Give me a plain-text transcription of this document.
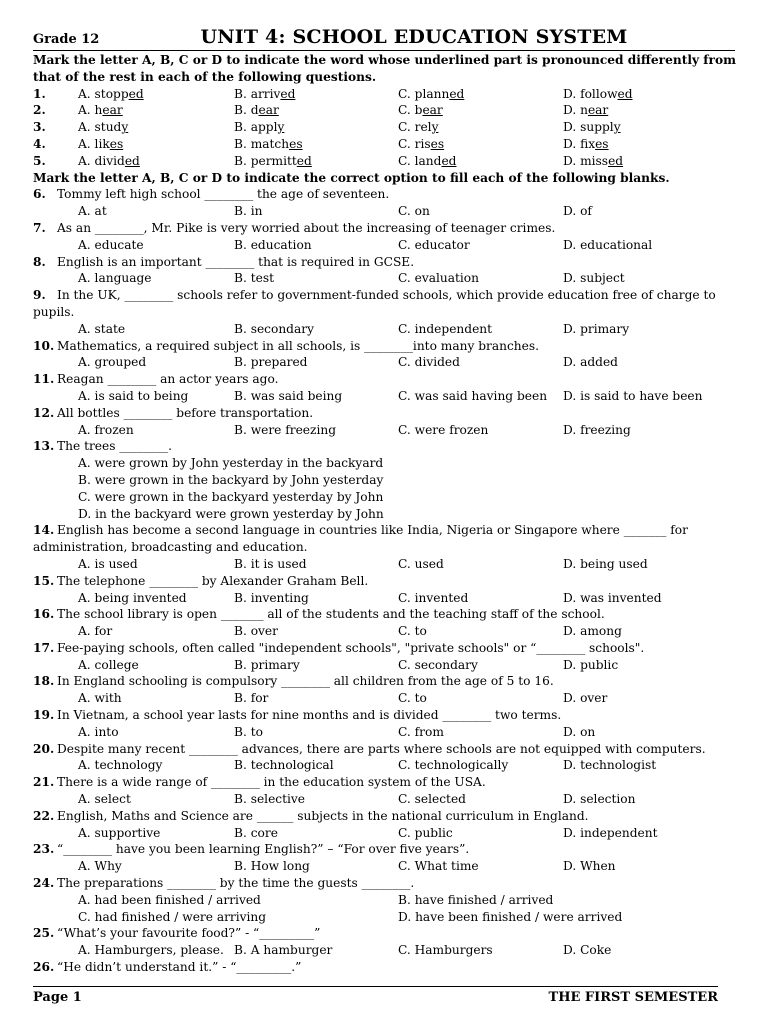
Grade 12	UNIT 4: SCHOOL EDUCATION SYSTEM
Mark the letter A, B, C or D to indicate the word whose underlined part is pronounced differently from that of the rest in each of the following questions.
1.	A. stopped	B. arrived	C. planned	D. followed
2.	A. hear	B. dear	C. bear	D. near
3.	A. study	B. apply	C. rely	D. supply
4.	A. likes	B. matches	C. rises	D. fixes
5.	A. divided	B. permitted	C. landed	D. missed
Mark the letter A, B, C or D to indicate the correct option to fill each of the following blanks.
6. Tommy left high school ________ the age of seventeen.
A. at	B. in	C. on	D. of
7. As an ________, Mr. Pike is very worried about the increasing of teenager crimes.
A. educate	B. education	C. educator	D. educational
8. English is an important ________ that is required in GCSE.
A. language	B. test	C. evaluation	D. subject
9. In the UK, ________ schools refer to government-funded schools, which provide education free of charge to pupils.
A. state	B. secondary	C. independent	D. primary
10. Mathematics, a required subject in all schools, is ________into many branches.
A. grouped	B. prepared	C. divided	D. added
11. Reagan ________ an actor years ago.
A. is said to being	B. was said being	C. was said having been D. is said to have been
12. All bottles ________ before transportation.
A. frozen	B. were freezing	C. were frozen	D. freezing
13. The trees ________.
A. were grown by John yesterday in the backyard
B. were grown in the backyard by John yesterday
C. were grown in the backyard yesterday by John
D. in the backyard were grown yesterday by John
14. English has become a second language in countries like India, Nigeria or Singapore where _______ for administration, broadcasting and education.
A. is used	B. it is used	C. used	D. being used
15. The telephone ________ by Alexander Graham Bell.
A. being invented	B. inventing	C. invented	D. was invented
16. The school library is open _______ all of the students and the teaching staff of the school.
A. for	B. over	C. to	D. among
17. Fee-paying schools, often called "independent schools", "private schools" or “________ schools".
A. college	B. primary	C. secondary	D. public
18. In England schooling is compulsory ________ all children from the age of 5 to 16.
A. with	B. for	C. to	D. over
19. In Vietnam, a school year lasts for nine months and is divided ________ two terms.
A. into	B. to	C. from	D. on
20. Despite many recent ________ advances, there are parts where schools are not equipped with computers.
A. technology	B. technological	C. technologically	D. technologist
21. There is a wide range of ________ in the education system of the USA.
A. select	B. selective	C. selected	D. selection
22. English, Maths and Science are ______ subjects in the national curriculum in England.
A. supportive	B. core	C. public	D. independent
23. “________ have you been learning English?” – “For over five years”.
A. Why	B. How long	C. What time	D. When
24. The preparations ________ by the time the guests ________.
A. had been finished / arrived	B. have finished / arrived
C. had finished / were arriving	D. have been finished / were arrived
25. “What’s your favourite food?” - “_________”
A. Hamburgers, please. B. A hamburger	C. Hamburgers	D. Coke
26. “He didn’t understand it.” - “_________.”
Page 1	THE FIRST SEMESTER
